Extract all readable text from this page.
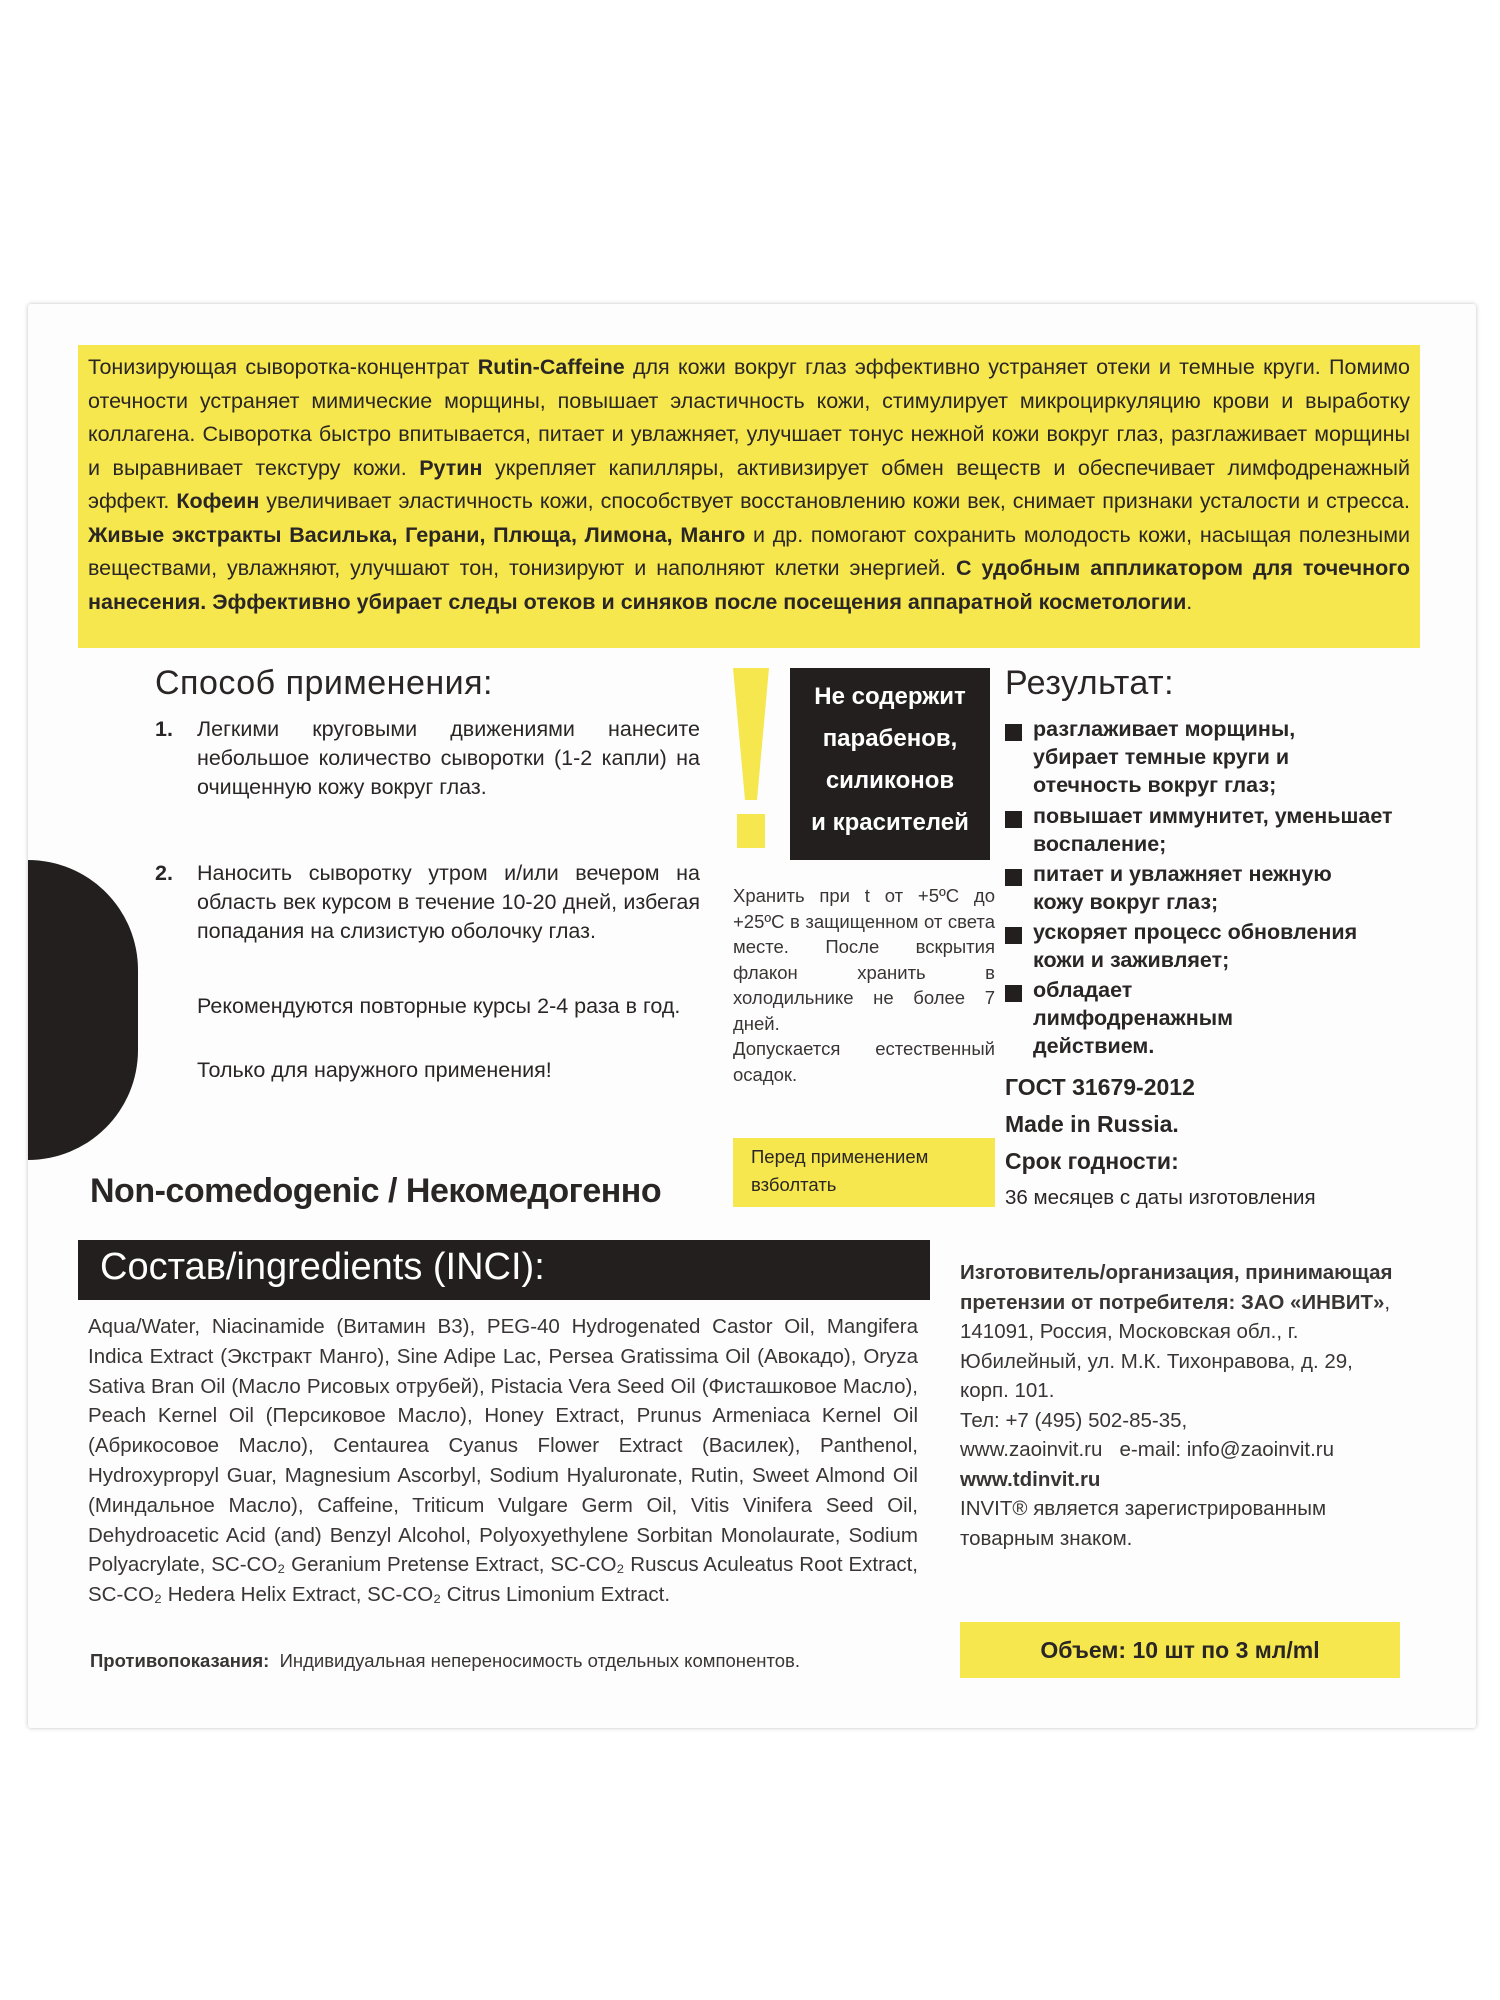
Тонизирующая сыворотка-концентрат Rutin-Caffeine для кожи вокруг глаз эффективно устраняет отеки и темные круги. Помимо отечности устраняет мимические морщины, повышает эластичность кожи, стимулирует микроциркуляцию крови и выработку коллагена. Сыворотка быстро впитывается, питает и увлажняет, улучшает тонус нежной кожи вокруг глаз, разглаживает морщины и выравнивает текстуру кожи. Рутин укрепляет капилляры, активизирует обмен веществ и обеспечивает лимфодренажный эффект. Кофеин увеличивает эластичность кожи, способствует восстановлению кожи век, снимает признаки усталости и стресса. Живые экстракты Василька, Герани, Плюща, Лимона, Манго и др. помогают сохранить молодость кожи, насыщая полезными веществами, увлажняют, улучшают тон, тонизируют и наполняют клетки энергией. С удобным аппликатором для точечного нанесения. Эффективно убирает следы отеков и синяков после посещения аппаратной косметологии.
Способ применения:
1. Легкими круговыми движениями нанесите небольшое количество сыворотки (1-2 капли) на очищенную кожу вокруг глаз.
2. Наносить сыворотку утром и/или вечером на область век курсом в течение 10-20 дней, избегая попадания на слизистую оболочку глаз.
Рекомендуются повторные курсы 2-4 раза в год.
Только для наружного применения!
Не содержит
парабенов,
силиконов
и красителей
Хранить при t от +5ºC до +25ºC в защищенном от света месте. После вскрытия флакон хранить в холодильнике не более 7 дней.
Допускается естественный осадок.
Перед применением взболтать
Результат:
разглаживает морщины, убирает темные круги и отечность вокруг глаз;
повышает иммунитет, уменьшает воспаление;
питает и увлажняет нежную кожу вокруг глаз;
ускоряет процесс обновления кожи и заживляет;
обладает лимфодренажным действием.
ГОСТ 31679-2012
Made in Russia.
Срок годности:
36 месяцев с даты изготовления
Non-comedogenic / Некомедогенно
Состав/ingredients (INCI):
Aqua/Water, Niacinamide (Витамин B3), PEG-40 Hydrogenated Castor Oil, Mangifera Indica Extract (Экстракт Манго), Sine Adipe Lac, Persea Gratissima Oil (Авокадо), Oryza Sativa Bran Oil (Масло Рисовых отрубей), Pistacia Vera Seed Oil (Фисташковое Масло), Peach Kernel Oil (Персиковое Масло), Honey Extract, Prunus Armeniaca Kernel Oil (Абрикосовое Масло), Centaurea Cyanus Flower Extract (Василек), Panthenol, Hydroxypropyl Guar, Magnesium Ascorbyl, Sodium Hyaluronate, Rutin, Sweet Almond Oil (Миндальное Масло), Caffeine, Triticum Vulgare Germ Oil, Vitis Vinifera Seed Oil, Dehydroacetic Acid (and) Benzyl Alcohol, Polyoxyethylene Sorbitan Monolaurate, Sodium Polyacrylate, SC-CO₂ Geranium Pretense Extract, SC-CO₂ Ruscus Aculeatus Root Extract, SC-CO₂ Hedera Helix Extract, SC-CO₂ Citrus Limonium Extract.
Изготовитель/организация, принимающая претензии от потребителя: ЗАО «ИНВИТ», 141091, Россия, Московская обл., г. Юбилейный, ул. М.К. Тихонравова, д. 29, корп. 101.
Тел: +7 (495) 502-85-35,
www.zaoinvit.ru e-mail: info@zaoinvit.ru
www.tdinvit.ru
INVIT® является зарегистрированным товарным знаком.
Объем: 10 шт по 3 мл/ml
Противопоказания: Индивидуальная непереносимость отдельных компонентов.
